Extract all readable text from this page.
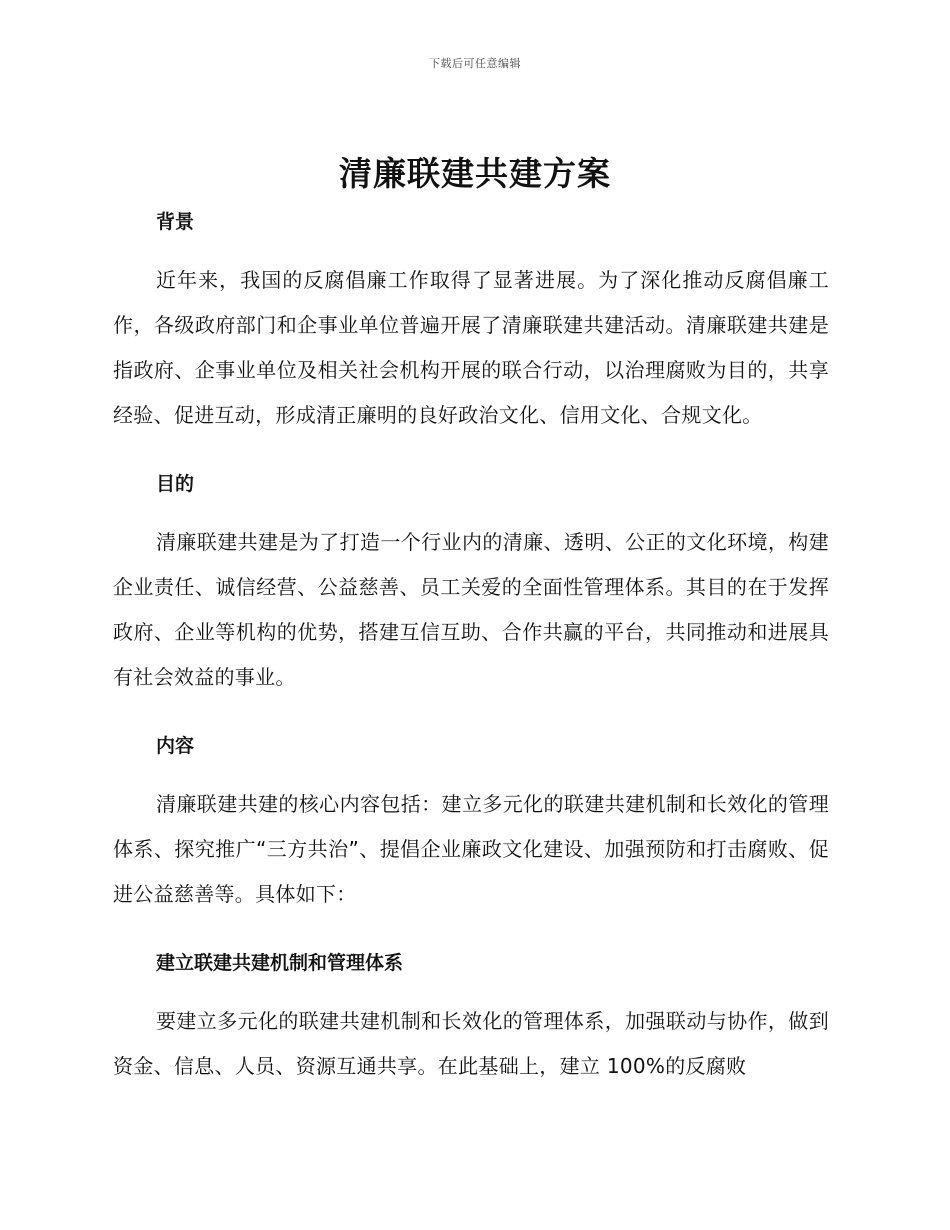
下载后可任意编辑
清廉联建共建方案
背景

近年来，我国的反腐倡廉工作取得了显著进展。为了深化推动反腐倡廉工作，各级政府部门和企事业单位普遍开展了清廉联建共建活动。清廉联建共建是指政府、企事业单位及相关社会机构开展的联合行动，以治理腐败为目的，共享经验、促进互动，形成清正廉明的良好政治文化、信用文化、合规文化。

目的

清廉联建共建是为了打造一个行业内的清廉、透明、公正的文化环境，构建企业责任、诚信经营、公益慈善、员工关爱的全面性管理体系。其目的在于发挥政府、企业等机构的优势，搭建互信互助、合作共赢的平台，共同推动和进展具有社会效益的事业。

内容

清廉联建共建的核心内容包括：建立多元化的联建共建机制和长效化的管理体系、探究推广“三方共治”、提倡企业廉政文化建设、加强预防和打击腐败、促进公益慈善等。具体如下：

建立联建共建机制和管理体系

要建立多元化的联建共建机制和长效化的管理体系，加强联动与协作，做到资金、信息、人员、资源互通共享。在此基础上，建立 100%的反腐败
